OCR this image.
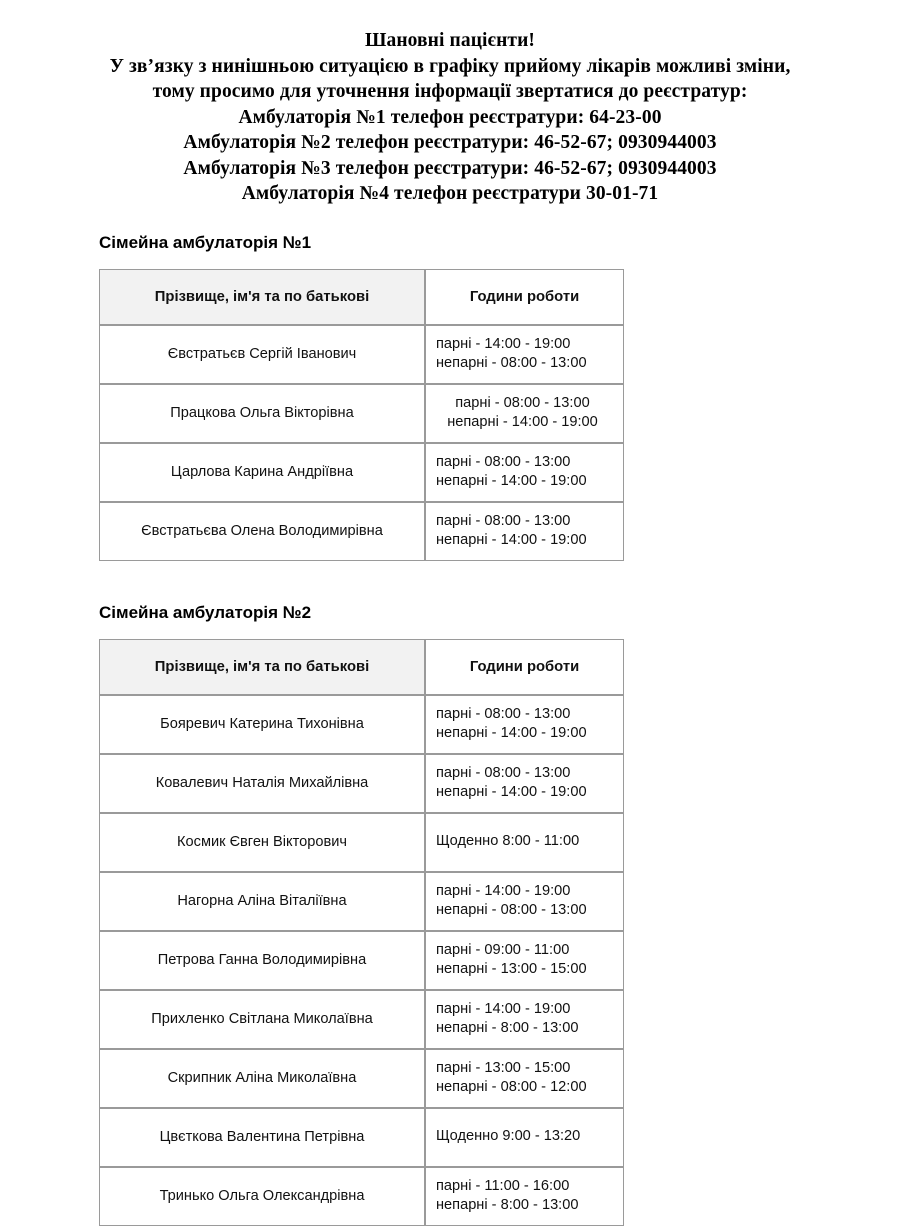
Шановні пацієнти!
У зв’язку з нинішньою ситуацією в графіку прийому лікарів можливі зміни,
тому просимо для уточнення інформації звертатися до реєстратур:
Амбулаторія №1 телефон реєстратури: 64-23-00
Амбулаторія №2 телефон реєстратури: 46-52-67; 0930944003
Амбулаторія №3 телефон реєстратури: 46-52-67; 0930944003
Амбулаторія №4 телефон реєстратури 30-01-71
Сімейна амбулаторія №1
Прізвище, ім'я та по батькові	Години роботи
Євстратьєв Сергій Іванович	парні - 14:00 - 19:00
непарні - 08:00 - 13:00

Працкова Ольга Вікторівна	парні - 08:00 - 13:00
непарні - 14:00 - 19:00

Царлова Карина Андріївна	парні - 08:00 - 13:00
непарні - 14:00 - 19:00

Євстратьєва Олена Володимирівна	парні - 08:00 - 13:00
непарні - 14:00 - 19:00
Сімейна амбулаторія №2
Прізвище, ім'я та по батькові	Години роботи
Бояревич Катерина Тихонівна	парні - 08:00 - 13:00
непарні - 14:00 - 19:00

Ковалевич Наталія Михайлівна	парні - 08:00 - 13:00
непарні - 14:00 - 19:00

Космик Євген Вікторович	Щоденно 8:00 - 11:00

Нагорна Аліна Віталіївна	парні - 14:00 - 19:00
непарні - 08:00 - 13:00

Петрова Ганна Володимирівна	парні - 09:00 - 11:00
непарні - 13:00 - 15:00

Прихленко Світлана Миколаївна	парні - 14:00 - 19:00
непарні - 8:00 - 13:00

Скрипник Аліна Миколаївна	парні - 13:00 - 15:00
непарні - 08:00 - 12:00

Цвєткова Валентина Петрівна	Щоденно 9:00 - 13:20

Тринько Ольга Олександрівна	парні - 11:00 - 16:00
непарні - 8:00 - 13:00
